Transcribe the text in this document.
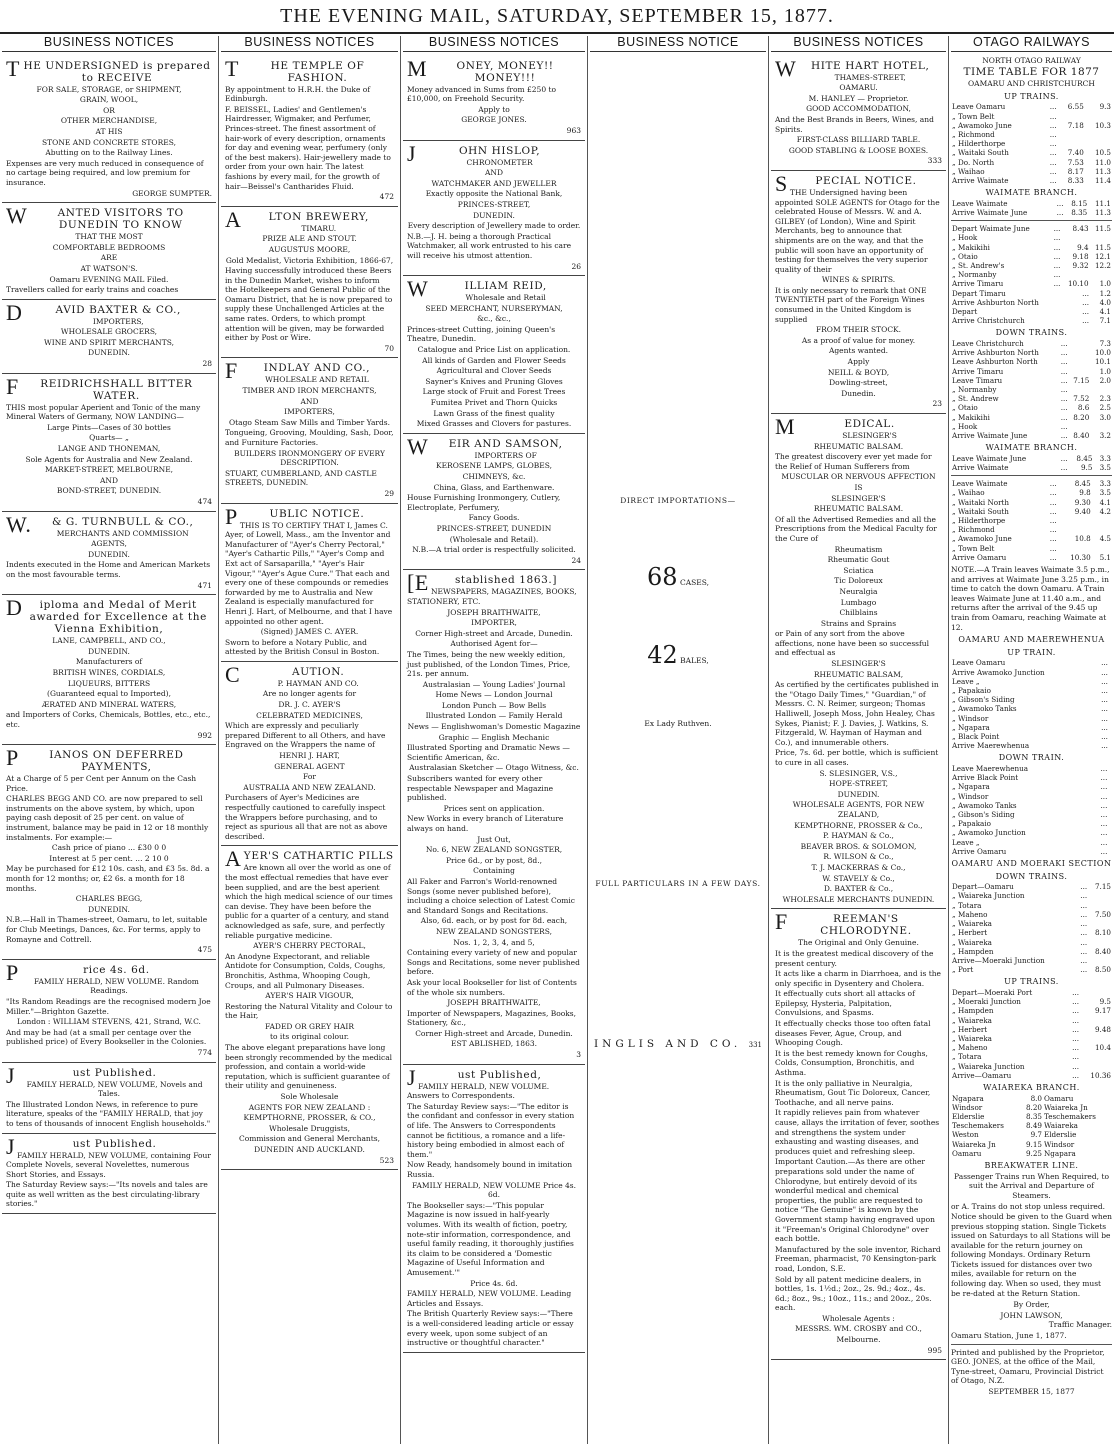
THE EVENING MAIL, SATURDAY, SEPTEMBER 15, 1877.
BUSINESS NOTICES

THE UNDERSIGNED is prepared to RECEIVE

FOR SALE, STORAGE, or SHIPMENT,

GRAIN, WOOL,

OR

OTHER MERCHANDISE,

AT HIS

STONE AND CONCRETE STORES,

Abutting on to the Railway Lines.

Expenses are very much reduced in consequence of no cartage being required, and low premium for insurance.

GEORGE SUMPTER.

WANTED VISITORS TO DUNEDIN TO KNOW

THAT THE MOST

COMFORTABLE BEDROOMS

ARE

AT WATSON'S.

Oamaru EVENING MAIL Filed.

Travellers called for early trains and coaches

DAVID BAXTER & CO.,

IMPORTERS,

WHOLESALE GROCERS,

WINE AND SPIRIT MERCHANTS,

DUNEDIN.

28

FREIDRICHSHALL BITTER WATER.

THIS most popular Aperient and Tonic of the many Mineral Waters of Germany, NOW LANDING—

Large Pints—Cases of 30 bottles

Quarts— „

LANGE AND THONEMAN,

Sole Agents for Australia and New Zealand.

MARKET-STREET, MELBOURNE,

AND

BOND-STREET, DUNEDIN.

474

W.& G. TURNBULL & CO.,

MERCHANTS AND COMMISSION

AGENTS,

DUNEDIN.

Indents executed in the Home and American Markets on the most favourable terms.

471

Diploma and Medal of Merit awarded for Excellence at the Vienna Exhibition,

LANE, CAMPBELL, AND CO.,

DUNEDIN.

Manufacturers of

BRITISH WINES, CORDIALS,

LIQUEURS, BITTERS

(Guaranteed equal to Imported),

ÆRATED AND MINERAL WATERS,

and Importers of Corks, Chemicals, Bottles, etc., etc., etc.

992

PIANOS ON DEFERRED PAYMENTS,

At a Charge of 5 per Cent per Annum on the Cash Price.

CHARLES BEGG AND CO. are now prepared to sell instruments on the above system, by which, upon paying cash deposit of 25 per cent. on value of instrument, balance may be paid in 12 or 18 monthly instalments. For example:—

Cash price of piano ... £30 0 0

Interest at 5 per cent. ... 2 10 0

May be purchased for £12 10s. cash, and £3 5s. 8d. a month for 12 months; or, £2 6s. a month for 18 months.

CHARLES BEGG,

DUNEDIN.

N.B.—Hall in Thames-street, Oamaru, to let, suitable for Club Meetings, Dances, &c. For terms, apply to Romayne and Cottrell.

475

Price 4s. 6d.

FAMILY HERALD, NEW VOLUME. Random Readings.

"Its Random Readings are the recognised modern Joe Miller."—Brighton Gazette.

London : WILLIAM STEVENS, 421, Strand, W.C.

And may be had (at a small per centage over the published price) of Every Bookseller in the Colonies.

774

Just Published.

FAMILY HERALD, NEW VOLUME, Novels and Tales.

The Illustrated London News, in reference to pure literature, speaks of the "FAMILY HERALD, that joy to tens of thousands of innocent English households."

Just Published.

FAMILY HERALD, NEW VOLUME, containing Four Complete Novels, several Novelettes, numerous Short Stories, and Essays.

The Saturday Review says:—"Its novels and tales are quite as well written as the best circulating-library stories."

BUSINESS NOTICES

THE TEMPLE OF FASHION.

By appointment to H.R.H. the Duke of Edinburgh.

F. BEISSEL, Ladies' and Gentlemen's Hairdresser, Wigmaker, and Perfumer, Princes-street. The finest assortment of hair-work of every description, ornaments for day and evening wear, perfumery (only of the best makers). Hair-jewellery made to order from your own hair. The latest fashions by every mail, for the growth of hair—Beissel's Cantharides Fluid.

472

ALTON BREWERY,

TIMARU.

PRIZE ALE AND STOUT.

AUGUSTUS MOORE,

Gold Medalist, Victoria Exhibition, 1866-67,

Having successfully introduced these Beers in the Dunedin Market, wishes to inform the Hotelkeepers and General Public of the Oamaru District, that he is now prepared to supply these Unchallenged Articles at the same rates. Orders, to which prompt attention will be given, may be forwarded either by Post or Wire.

70

FINDLAY AND CO.,

WHOLESALE AND RETAIL

TIMBER AND IRON MERCHANTS,

AND

IMPORTERS,

Otago Steam Saw Mills and Timber Yards.

Tongueing, Grooving, Moulding, Sash, Door, and Furniture Factories.

BUILDERS IRONMONGERY OF EVERY DESCRIPTION.

STUART, CUMBERLAND, AND CASTLE STREETS, DUNEDIN.

29

PUBLIC NOTICE.

THIS IS TO CERTIFY THAT I, James C. Ayer, of Lowell, Mass., am the Inventor and Manufacturer of "Ayer's Cherry Pectoral," "Ayer's Cathartic Pills," "Ayer's Comp and Ext act of Sarsaparilla," "Ayer's Hair Vigour," "Ayer's Ague Cure." That each and every one of these compounds or remedies forwarded by me to Australia and New Zealand is especially manufactured for Henri J. Hart, of Melbourne, and that I have appointed no other agent.

(Signed) JAMES C. AYER.

Sworn to before a Notary Public, and attested by the British Consul in Boston.

CAUTION.

P. HAYMAN AND CO.

Are no longer agents for

DR. J. C. AYER'S

CELEBRATED MEDICINES,

Which are expressly and peculiarly prepared Different to all Others, and have Engraved on the Wrappers the name of

HENRI J. HART,

GENERAL AGENT

For

AUSTRALIA AND NEW ZEALAND.

Purchasers of Ayer's Medicines are respectfully cautioned to carefully inspect the Wrappers before purchasing, and to reject as spurious all that are not as above described.

AYER'S CATHARTIC PILLS

Are known all over the world as one of the most effectual remedies that have ever been supplied, and are the best aperient which the high medical science of our times can devise. They have been before the public for a quarter of a century, and stand acknowledged as safe, sure, and perfectly reliable purgative medicine.

AYER'S CHERRY PECTORAL,

An Anodyne Expectorant, and reliable Antidote for Consumption, Colds, Coughs, Bronchitis, Asthma, Whooping Cough, Croups, and all Pulmonary Diseases.

AYER'S HAIR VIGOUR,

Restoring the Natural Vitality and Colour to the Hair,

FADED OR GREY HAIR

to its original colour.

The above elegant preparations have long been strongly recommended by the medical profession, and contain a world-wide reputation, which is sufficient guarantee of their utility and genuineness.

Sole Wholesale

AGENTS FOR NEW ZEALAND :

KEMPTHORNE, PROSSER, & CO.,

Wholesale Druggists,

Commission and General Merchants,

DUNEDIN AND AUCKLAND.

523

BUSINESS NOTICES

MONEY, MONEY!! MONEY!!!

Money advanced in Sums from £250 to £10,000, on Freehold Security.

Apply to

GEORGE JONES.

963

JOHN HISLOP,

CHRONOMETER

AND

WATCHMAKER AND JEWELLER

Exactly opposite the National Bank,

PRINCES-STREET,

DUNEDIN.

Every description of Jewellery made to order.

N.B.—J. H. being a thorough Practical Watchmaker, all work entrusted to his care will receive his utmost attention.

26

WILLIAM REID,

Wholesale and Retail

SEED MERCHANT, NURSERYMAN,

&c., &c.,

Princes-street Cutting, joining Queen's Theatre, Dunedin.

Catalogue and Price List on application.

All kinds of Garden and Flower Seeds

Agricultural and Clover Seeds

Sayner's Knives and Pruning Gloves

Large stock of Fruit and Forest Trees

Fumitea Privet and Thorn Quicks

Lawn Grass of the finest quality

Mixed Grasses and Clovers for pastures.

WEIR AND SAMSON,

IMPORTERS OF

KEROSENE LAMPS, GLOBES,

CHIMNEYS, &c.

China, Glass, and Earthenware.

House Furnishing Ironmongery, Cutlery, Electroplate, Perfumery,

Fancy Goods.

PRINCES-STREET, DUNEDIN

(Wholesale and Retail).

N.B.—A trial order is respectfully solicited.

24

[Established 1863.]

NEWSPAPERS, MAGAZINES, BOOKS, STATIONERY, ETC.

JOSEPH BRAITHWAITE,

IMPORTER,

Corner High-street and Arcade, Dunedin.

Authorised Agent for—

The Times, being the new weekly edition, just published, of the London Times, Price, 21s. per annum.

Australasian — Young Ladies' Journal

Home News — London Journal

London Punch — Bow Bells

Illustrated London — Family Herald

News — Englishwoman's Domestic Magazine

Graphic — English Mechanic

Illustrated Sporting and Dramatic News — Scientific American, &c.

Australasian Sketcher — Otago Witness, &c.

Subscribers wanted for every other respectable Newspaper and Magazine published.

Prices sent on application.

New Works in every branch of Literature always on hand.

Just Out,

No. 6, NEW ZEALAND SONGSTER,

Price 6d., or by post, 8d.,

Containing

All Faker and Farron's World-renowned Songs (some never published before), including a choice selection of Latest Comic and Standard Songs and Recitations.

Also, 6d. each, or by post for 8d. each,

NEW ZEALAND SONGSTERS,

Nos. 1, 2, 3, 4, and 5,

Containing every variety of new and popular Songs and Recitations, some never published before.

Ask your local Bookseller for list of Contents of the whole six numbers.

JOSEPH BRAITHWAITE,

Importer of Newspapers, Magazines, Books, Stationery, &c.,

Corner High-street and Arcade, Dunedin.

EST ABLISHED, 1863.

3

Just Published,

FAMILY HERALD, NEW VOLUME. Answers to Correspondents.

The Saturday Review says:—"The editor is the confidant and confessor in every station of life. The Answers to Correspondents cannot be fictitious, a romance and a life-history being embodied in almost each of them."

Now Ready, handsomely bound in imitation Russia.

FAMILY HERALD, NEW VOLUME Price 4s. 6d.

The Bookseller says:—"This popular Magazine is now issued in half-yearly volumes. With its wealth of fiction, poetry, note-stir information, correspondence, and useful family reading, it thoroughly justifies its claim to be considered a 'Domestic Magazine of Useful Information and Amusement.'"

Price 4s. 6d.

FAMILY HERALD, NEW VOLUME. Leading Articles and Essays.

The British Quarterly Review says:—"There is a well-considered leading article or essay every week, upon some subject of an instructive or thoughtful character."

BUSINESS NOTICE

DIRECT IMPORTATIONS—

68 CASES,
42 BALES,

Ex Lady Ruthven.

FULL PARTICULARS IN A FEW DAYS.

INGLIS AND CO. 331
BUSINESS NOTICES

WHITE HART HOTEL,

THAMES-STREET,

OAMARU.

M. HANLEY — Proprietor.

GOOD ACCOMMODATION,

And the Best Brands in Beers, Wines, and Spirits.

FIRST-CLASS BILLIARD TABLE.

GOOD STABLING & LOOSE BOXES.

333

SPECIAL NOTICE.

THE Undersigned having been appointed SOLE AGENTS for Otago for the celebrated House of Messrs. W. and A. GILBEY (of London), Wine and Spirit Merchants, beg to announce that shipments are on the way, and that the public will soon have an opportunity of testing for themselves the very superior quality of their

WINES & SPIRITS.

It is only necessary to remark that ONE TWENTIETH part of the Foreign Wines consumed in the United Kingdom is supplied

FROM THEIR STOCK.

As a proof of value for money.

Agents wanted.

Apply

NEILL & BOYD,

Dowling-street,

Dunedin.

23

MEDICAL.

SLESINGER'S

RHEUMATIC BALSAM.

The greatest discovery ever yet made for the Relief of Human Sufferers from

MUSCULAR OR NERVOUS AFFECTION

IS

SLESINGER'S

RHEUMATIC BALSAM.

Of all the Advertised Remedies and all the Prescriptions from the Medical Faculty for the Cure of

Rheumatism

Rheumatic Gout

Sciatica

Tic Doloreux

Neuralgia

Lumbago

Chilblains

Strains and Sprains

or Pain of any sort from the above affections, none have been so successful and effectual as

SLESINGER'S

RHEUMATIC BALSAM,

As certified by the certificates published in the "Otago Daily Times," "Guardian," of Messrs. C. N. Reimer, surgeon; Thomas Halliwell, Joseph Moss, John Healey, Chas Sykes, Pianist; F. J. Davies, J. Watkins, S. Fitzgerald, W. Hayman of Hayman and Co.), and innumerable others.

Price, 7s. 6d. per bottle, which is sufficient to cure in all cases.

S. SLESINGER, V.S.,

HOPE-STREET,

DUNEDIN.

WHOLESALE AGENTS, FOR NEW ZEALAND,

KEMPTHORNE, PROSSER & Co.,

P. HAYMAN & Co.,

BEAVER BROS. & SOLOMON,

R. WILSON & Co.,

T. J. MACKERRAS & Co.,

W. STAVELY & Co.,

D. BAXTER & Co.,

WHOLESALE MERCHANTS DUNEDIN.

FREEMAN'S CHLORODYNE.

The Original and Only Genuine.

It is the greatest medical discovery of the present century.

It acts like a charm in Diarrhoea, and is the only specific in Dysentery and Cholera.

It effectually cuts short all attacks of Epilepsy, Hysteria, Palpitation, Convulsions, and Spasms.

It effectually checks those too often fatal diseases Fever, Ague, Croup, and Whooping Cough.

It is the best remedy known for Coughs, Colds, Consumption, Bronchitis, and Asthma.

It is the only palliative in Neuralgia, Rheumatism, Gout Tic Doloreux, Cancer, Toothache, and all nerve pains.

It rapidly relieves pain from whatever cause, allays the irritation of fever, soothes and strengthens the system under exhausting and wasting diseases, and produces quiet and refreshing sleep.

Important Caution.—As there are other preparations sold under the name of Chlorodyne, but entirely devoid of its wonderful medical and chemical properties, the public are requested to notice "The Genuine" is known by the Government stamp having engraved upon it "Freeman's Original Chlorodyne" over each bottle.

Manufactured by the sole inventor, Richard Freeman, pharmacist, 70 Kensington-park road, London, S.E.

Sold by all patent medicine dealers, in bottles, 1s. 1½d.; 2oz., 2s. 9d.; 4oz., 4s. 6d.; 8oz., 9s.; 10oz., 11s.; and 20oz., 20s. each.

Wholesale Agents :

MESSRS. WM. CROSBY and CO.,

Melbourne.

995

OTAGO RAILWAYS

NORTH OTAGO RAILWAY

TIME TABLE FOR 1877

OAMARU AND CHRISTCHURCH

UP TRAINS.

Leave Oamaru	...	6.55	9.3
„ Town Belt	...		
„ Awamoko June	...	7.18	10.3
„ Richmond	...		
„ Hilderthorpe	...		
„ Waitaki South	...	7.40	10.5
„ Do. North	...	7.53	11.0
„ Waihao	...	8.17	11.3
Arrive Waimate	...	8.33	11.4

WAIMATE BRANCH.

Leave Waimate	...	8.15	11.1
Arrive Waimate June	...	8.35	11.3
Depart Waimate June	...	8.43	11.5
„ Hook	...		
„ Makikihi	...	9.4	11.5
„ Otaio	...	9.18	12.1
„ St. Andrew's	...	9.32	12.2
„ Normanby	...		
Arrive Timaru	...	10.10	1.0
Depart Timaru	...		1.2
Arrive Ashburton North	...		4.0
Depart	...		4.1
Arrive Christchurch	...		7.1

DOWN TRAINS.

Leave Christchurch	...		7.3
Arrive Ashburton North	...		10.0
Leave Ashburton North	...		10.1
Arrive Timaru	...		1.0
Leave Timaru	...	7.15	2.0
„ Normanby	...		
„ St. Andrew	...	7.52	2.3
„ Otaio	...	8.6	2.5
„ Makikihi	...	8.20	3.0
„ Hook	...		
Arrive Waimate June	...	8.40	3.2

WAIMATE BRANCH.

Leave Waimate June	...	8.45	3.3
Arrive Waimate	...	9.5	3.5
Leave Waimate	...	8.45	3.3
„ Waihao	...	9.8	3.5
„ Waitaki North	...	9.30	4.1
„ Waitaki South	...	9.40	4.2
„ Hilderthorpe	...		
„ Richmond	...		
„ Awamoko June	...	10.8	4.5
„ Town Belt	...		
Arrive Oamaru	...	10.30	5.1

NOTE.—A Train leaves Waimate 3.5 p.m., and arrives at Waimate June 3.25 p.m., in time to catch the down Oamaru. A Train leaves Waimate June at 11.40 a.m., and returns after the arrival of the 9.45 up train from Oamaru, reaching Waimate at 12.

OAMARU AND MAEREWHENUA

UP TRAIN.

Leave Oamaru	...	
Arrive Awamoko Junction	...	
Leave „	...	
„ Papakaio	...	
„ Gibson's Siding	...	
„ Awamoko Tanks	...	
„ Windsor	...	
„ Ngapara	...	
„ Black Point	...	
Arrive Maerewhenua	...	

DOWN TRAIN.

Leave Maerewhenua	...	
Arrive Black Point	...	
„ Ngapara	...	
„ Windsor	...	
„ Awamoko Tanks	...	
„ Gibson's Siding	...	
„ Papakaio	...	
„ Awamoko Junction	...	
Leave „	...	
Arrive Oamaru	...	

OAMARU AND MOERAKI SECTION

DOWN TRAINS.

Depart—Oamaru	...	7.15
„ Waiareka Junction	...	
„ Totara	...	
„ Maheno	...	7.50
„ Waiareka	...	
„ Herbert	...	8.10
„ Waiareka	...	
„ Hampden	...	8.40
Arrive—Moeraki Junction	...	
„ Port	...	8.50

UP TRAINS.

Depart—Moeraki Port	...	
„ Moeraki Junction	...	9.5
„ Hampden	...	9.17
„ Waiareka	...	
„ Herbert	...	9.48
„ Waiareka	...	
„ Maheno	...	10.4
„ Totara	...	
„ Waiareka Junction	...	
Arrive—Oamaru	...	10.36

WAIAREKA BRANCH.

Ngapara	8.0	Oamaru
Windsor	8.20	Waiareka Jn
Elderslie	8.35	Teschemakers
Teschemakers	8.49	Waiareka
Weston	9.7	Elderslie
Waiareka Jn	9.15	Windsor
Oamaru	9.25	Ngapara

BREAKWATER LINE.

Passenger Trains run When Required, to suit the Arrival and Departure of Steamers.

or A. Trains do not stop unless required. Notice should be given to the Guard when previous stopping station. Single Tickets issued on Saturdays to all Stations will be available for the return journey on following Mondays. Ordinary Return Tickets issued for distances over two miles, available for return on the following day. When so used, they must be re-dated at the Return Station.

By Order,

JOHN LAWSON,

Traffic Manager.

Oamaru Station, June 1, 1877.

Printed and published by the Proprietor, GEO. JONES, at the office of the Mail, Tyne-street, Oamaru, Provincial District of Otago, N.Z.

SEPTEMBER 15, 1877
